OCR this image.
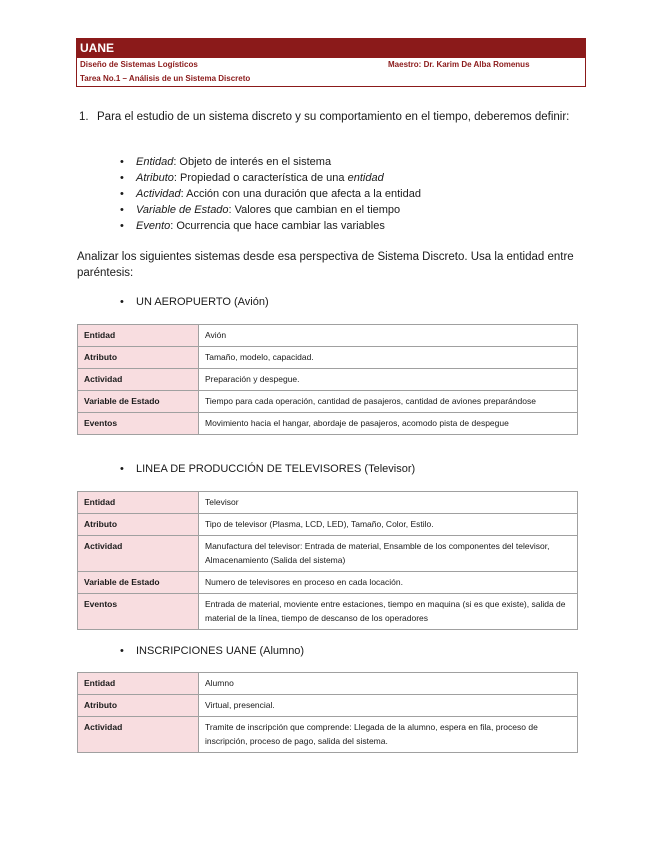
UANE
Diseño de Sistemas Logísticos	Maestro: Dr. Karim De Alba Romenus
Tarea No.1 – Análisis de un Sistema Discreto
1. Para el estudio de un sistema discreto y su comportamiento en el tiempo, deberemos definir:
• Entidad: Objeto de interés en el sistema
• Atributo: Propiedad o característica de una entidad
• Actividad: Acción con una duración que afecta a la entidad
• Variable de Estado: Valores que cambian en el tiempo
• Evento: Ocurrencia que hace cambiar las variables
Analizar los siguientes sistemas desde esa perspectiva de Sistema Discreto. Usa la entidad entre paréntesis:
• UN AEROPUERTO (Avión)
Entidad	Avión
Atributo	Tamaño, modelo, capacidad.
Actividad	Preparación y despegue.
Variable de Estado	Tiempo para cada operación, cantidad de pasajeros, cantidad de aviones preparándose
Eventos	Movimiento hacia el hangar, abordaje de pasajeros, acomodo pista de despegue
• LINEA DE PRODUCCIÓN DE TELEVISORES (Televisor)
Entidad	Televisor
Atributo	Tipo de televisor (Plasma, LCD, LED), Tamaño, Color, Estilo.
Actividad	Manufactura del televisor: Entrada de material, Ensamble de los componentes del televisor, Almacenamiento (Salida del sistema)
Variable de Estado	Numero de televisores en proceso en cada locación.
Eventos	Entrada de material, moviente entre estaciones, tiempo en maquina (si es que existe), salida de material de la línea, tiempo de descanso de los operadores
• INSCRIPCIONES UANE (Alumno)
Entidad	Alumno
Atributo	Virtual, presencial.
Actividad	Tramite de inscripción que comprende: Llegada de la alumno, espera en fila, proceso de inscripción, proceso de pago, salida del sistema.
